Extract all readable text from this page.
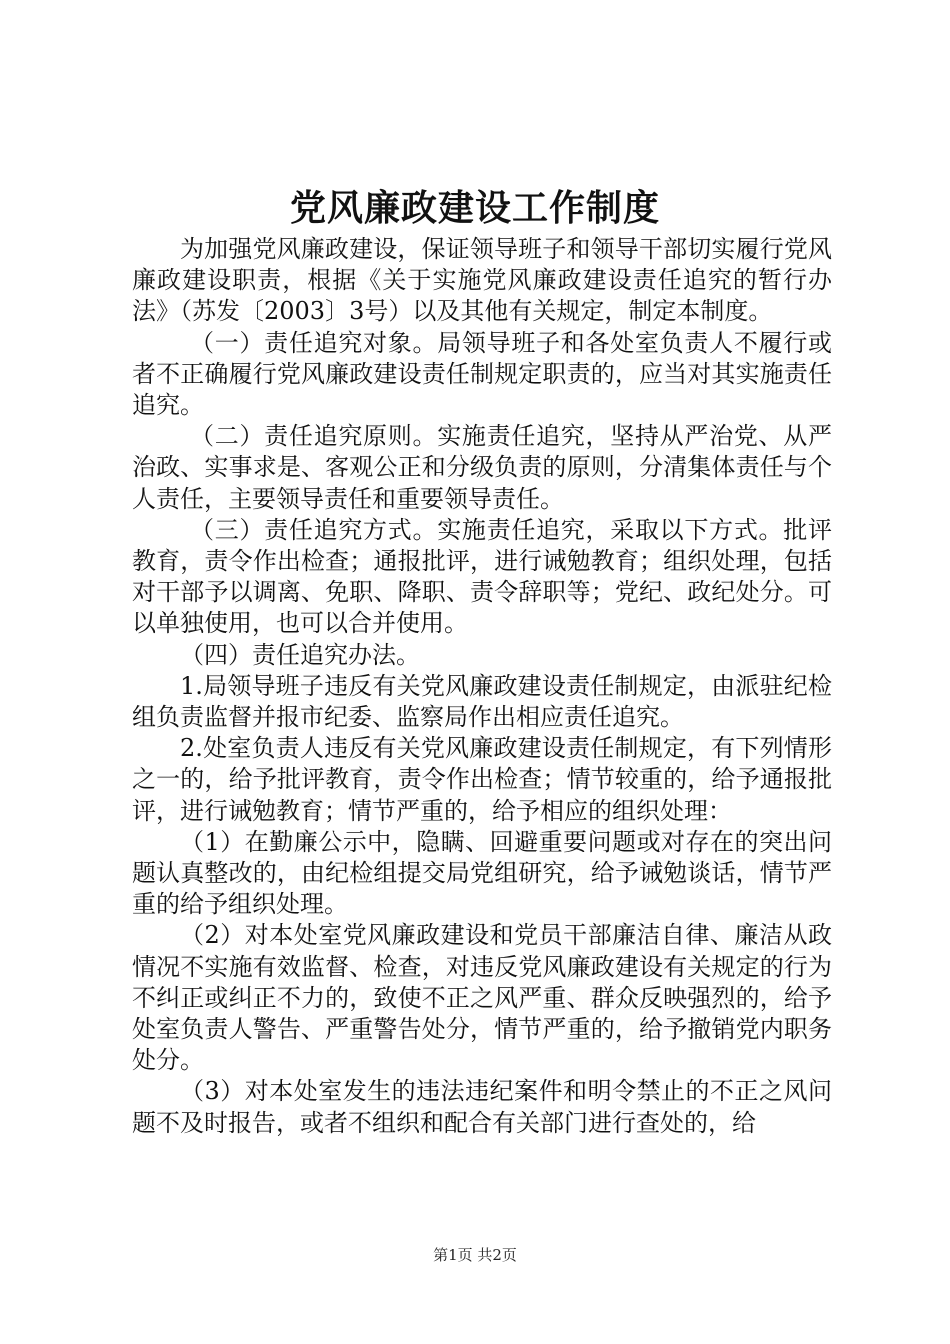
党风廉政建设工作制度

为加强党风廉政建设，保证领导班子和领导干部切实履行党风廉政建设职责，根据《关于实施党风廉政建设责任追究的暂行办法》（苏发〔2003〕3号）以及其他有关规定，制定本制度。

（一）责任追究对象。局领导班子和各处室负责人不履行或者不正确履行党风廉政建设责任制规定职责的，应当对其实施责任追究。

（二）责任追究原则。实施责任追究，坚持从严治党、从严治政、实事求是、客观公正和分级负责的原则，分清集体责任与个人责任，主要领导责任和重要领导责任。

（三）责任追究方式。实施责任追究，采取以下方式。批评教育，责令作出检查；通报批评，进行诫勉教育；组织处理，包括对干部予以调离、免职、降职、责令辞职等；党纪、政纪处分。可以单独使用，也可以合并使用。

（四）责任追究办法。

1.局领导班子违反有关党风廉政建设责任制规定，由派驻纪检组负责监督并报市纪委、监察局作出相应责任追究。

2.处室负责人违反有关党风廉政建设责任制规定，有下列情形之一的，给予批评教育，责令作出检查；情节较重的，给予通报批评，进行诫勉教育；情节严重的，给予相应的组织处理：

（1）在勤廉公示中，隐瞒、回避重要问题或对存在的突出问题认真整改的，由纪检组提交局党组研究，给予诫勉谈话，情节严重的给予组织处理。

（2）对本处室党风廉政建设和党员干部廉洁自律、廉洁从政情况不实施有效监督、检查，对违反党风廉政建设有关规定的行为不纠正或纠正不力的，致使不正之风严重、群众反映强烈的，给予处室负责人警告、严重警告处分，情节严重的，给予撤销党内职务处分。

（3）对本处室发生的违法违纪案件和明令禁止的不正之风问题不及时报告，或者不组织和配合有关部门进行查处的，给

第1页 共2页
